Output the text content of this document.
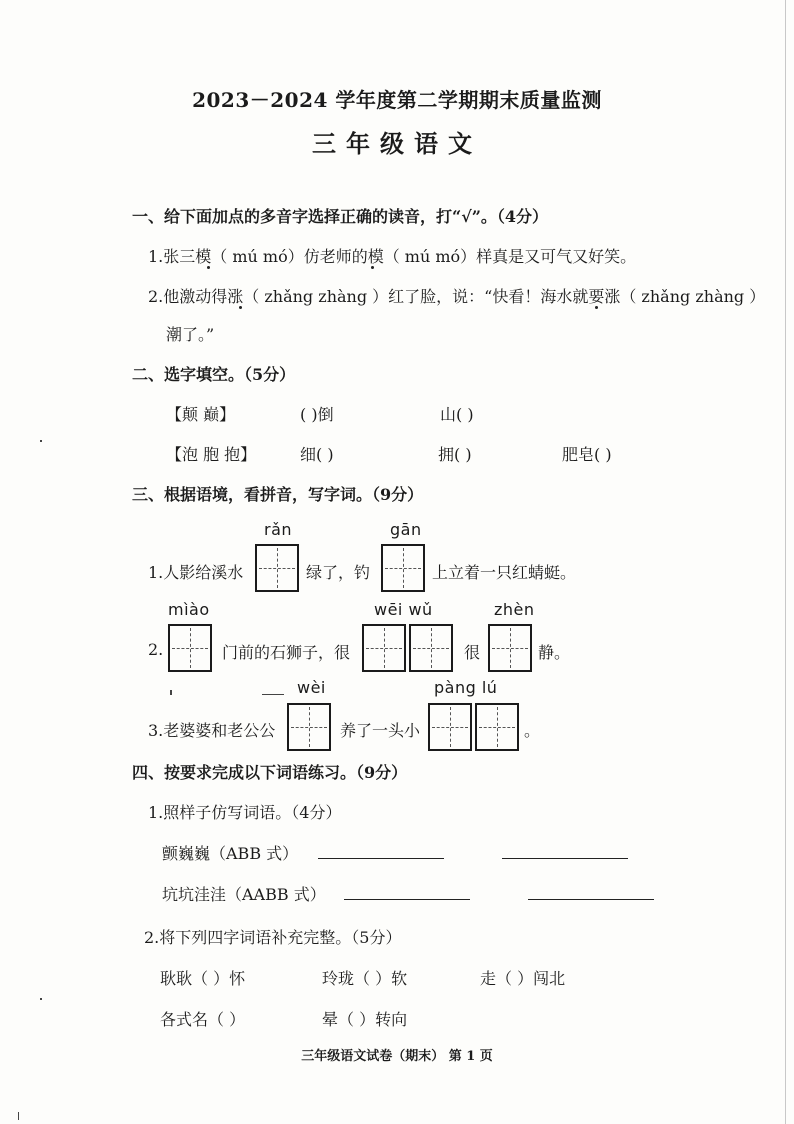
2023－2024 学年度第二学期期末质量监测
三年级语文
一、给下面加点的多音字选择正确的读音，打“√”。（4分）
1.张三模（ mú mó）仿老师的模（ mú mó）样真是又可气又好笑。
2.他激动得涨（ zhǎng zhàng ）红了脸，说：“快看！海水就要涨（ zhǎng zhàng ）
潮了。”
二、选字填空。（5分）
【颠 巅】	( )倒	山( )
【泡 胞 抱】	细( )	拥( )	肥皂( )
三、根据语境，看拼音，写字词。（9分）
rǎn	gān
1.人影给溪水	绿了，钓	上立着一只红蜻蜓。
mìào	wēi wǔ	zhèn
2.	门前的石狮子，很	很	静。
wèi	pàng lú
3.老婆婆和老公公	养了一头小	。
四、按要求完成以下词语练习。（9分）
1.照样子仿写词语。（4分）
颤巍巍（ABB 式）
坑坑洼洼（AABB 式）
2.将下列四字词语补充完整。（5分）
耿耿（ ）怀	玲珑（ ）软	走（ ）闯北
各式名（ ）	晕（ ）转向
三年级语文试卷（期末） 第 1 页
